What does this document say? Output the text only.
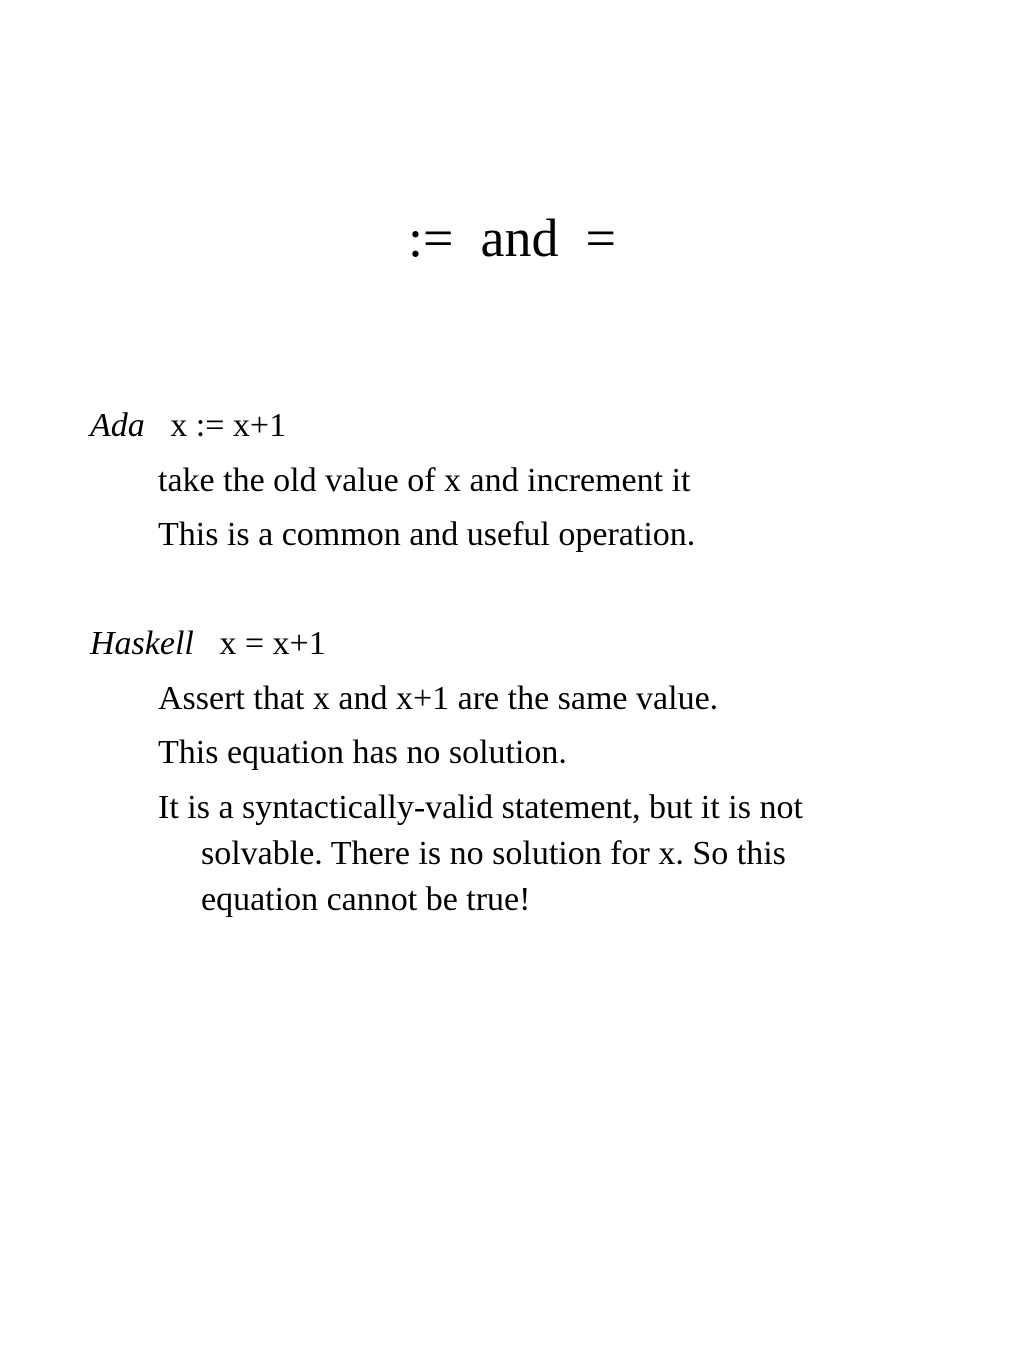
:=  and  =
Ada x := x+1
take the old value of x and increment it
This is a common and useful operation.
Haskell x = x+1
Assert that x and x+1 are the same value.
This equation has no solution.
It is a syntactically-valid statement, but it is not solvable. There is no solution for x. So this equation cannot be true!
